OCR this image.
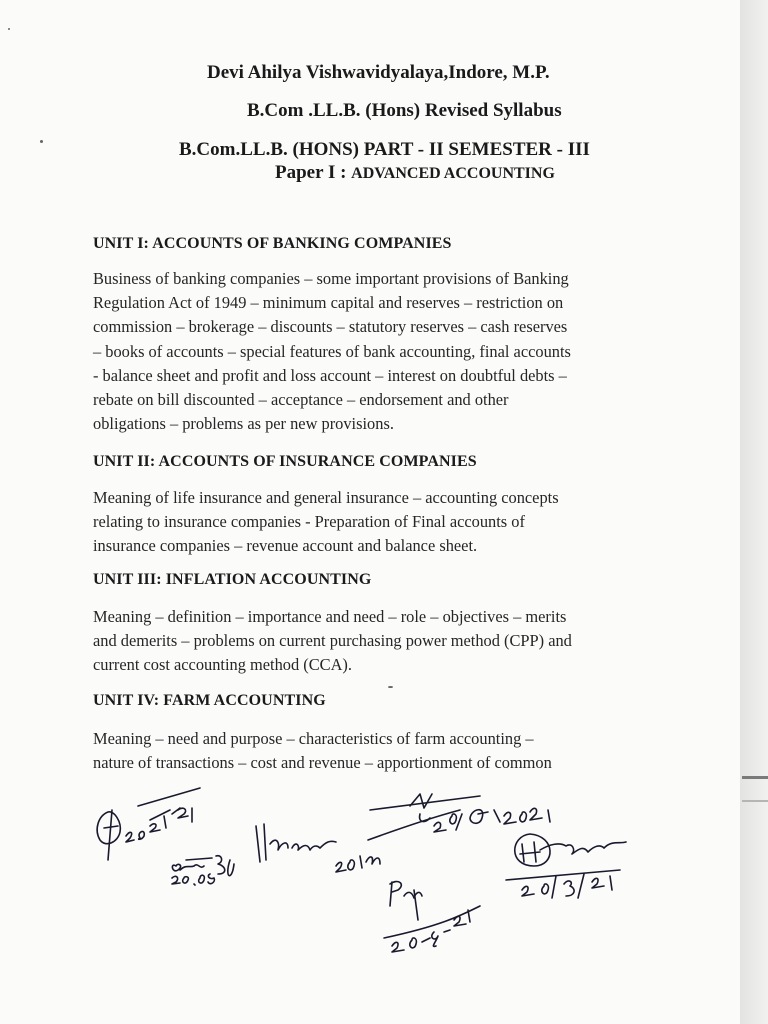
Devi Ahilya Vishwavidyalaya,Indore, M.P.
B.Com .LL.B. (Hons) Revised Syllabus
B.Com.LL.B. (HONS) PART - II SEMESTER - III
Paper I : ADVANCED ACCOUNTING
UNIT I: ACCOUNTS OF BANKING COMPANIES
Business of banking companies – some important provisions of Banking
Regulation Act of 1949 – minimum capital and reserves – restriction on
commission – brokerage – discounts – statutory reserves – cash reserves
– books of accounts – special features of bank accounting, final accounts
- balance sheet and profit and loss account – interest on doubtful debts –
rebate on bill discounted – acceptance – endorsement and other
obligations – problems as per new provisions.
UNIT II: ACCOUNTS OF INSURANCE COMPANIES
Meaning of life insurance and general insurance – accounting concepts
relating to insurance companies - Preparation of Final accounts of
insurance companies – revenue account and balance sheet.
UNIT III: INFLATION ACCOUNTING
Meaning – definition – importance and need – role – objectives – merits
and demerits – problems on current purchasing power method (CPP) and
current cost accounting method (CCA).
UNIT IV: FARM ACCOUNTING
Meaning – need and purpose – characteristics of farm accounting –
nature of transactions – cost and revenue – apportionment of common
